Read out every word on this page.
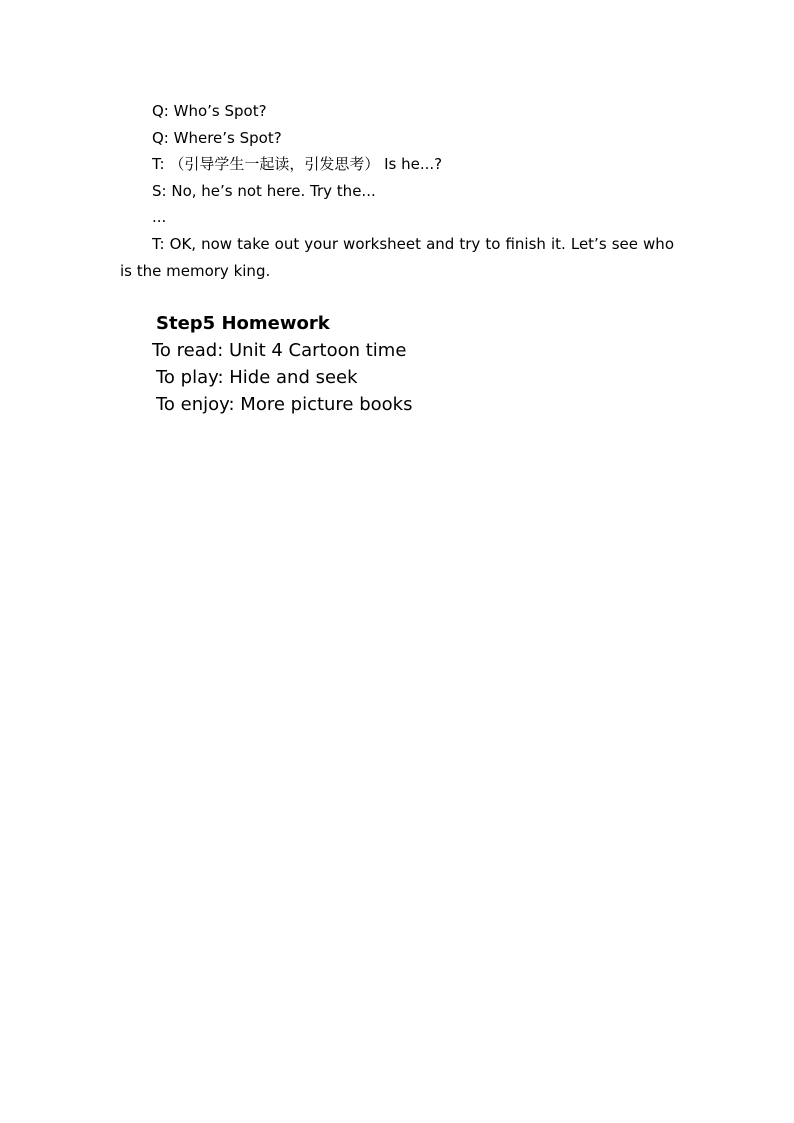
Q: Who’s Spot?

Q: Where’s Spot?

T: （引导学生一起读，引发思考） Is he...?

S: No, he’s not here. Try the...

...

T: OK, now take out your worksheet and try to finish it. Let’s see who is the memory king.

Step5 Homework

To read: Unit 4 Cartoon time

To play: Hide and seek

To enjoy: More picture books
